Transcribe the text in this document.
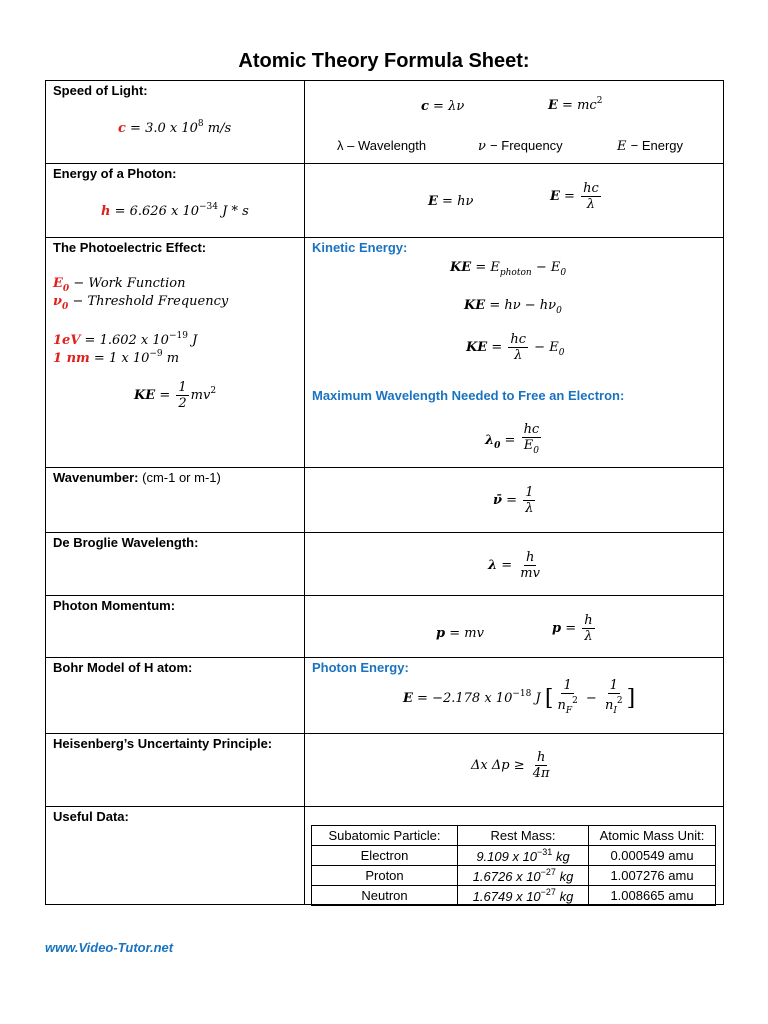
Atomic Theory Formula Sheet:
Speed of Light:
c = 3.0 x $10^8$ m/s

c = λν	$E = mc^2$
λ – Wavelength	ν − Frequency	E − Energy

Energy of a Photon:
h = 6.626 x $10^{-34}$ J * s

E = hν	$E = \frac{hc}{\lambda}$

The Photoelectric Effect:
$E_0$ − Work Function
$\nu_0$ − Threshold Frequency
1eV = 1.602 x $10^{-19}$ J
1 nm = 1 x $10^{-9}$ m
KE = $\frac{1}{2} mv^2$

Kinetic Energy:
KE = $E_{photon} - E_0$
KE = $h\nu - h\nu_0$
KE = $\frac{hc}{\lambda} - E_0$
Maximum Wavelength Needed to Free an Electron:
$\lambda_0 = \frac{hc}{E_0}$

Wavenumber: (cm-1 or m-1)

ν̄ = $\frac{1}{\lambda}$

De Broglie Wavelength:

$\lambda = \frac{h}{mv}$

Photon Momentum:

p = mv	$p = \frac{h}{\lambda}$

Bohr Model of H atom:	Photon Energy:
E = −2.178 x $10^{-18}$ J [ $\frac{1}{n_F^2} - \frac{1}{n_I^2}$ ]

Heisenberg’s Uncertainty Principle:

Δx $\Delta p \ge \frac{h}{4\pi}$

Useful Data:

Subatomic Particle:	Rest Mass:	Atomic Mass Unit:
Electron	9.109 x $10^{-31}$ kg	0.000549 amu
Proton	1.6726 x $10^{-27}$ kg	1.007276 amu
Neutron	1.6749 x $10^{-27}$ kg	1.008665 amu
www.Video-Tutor.net
